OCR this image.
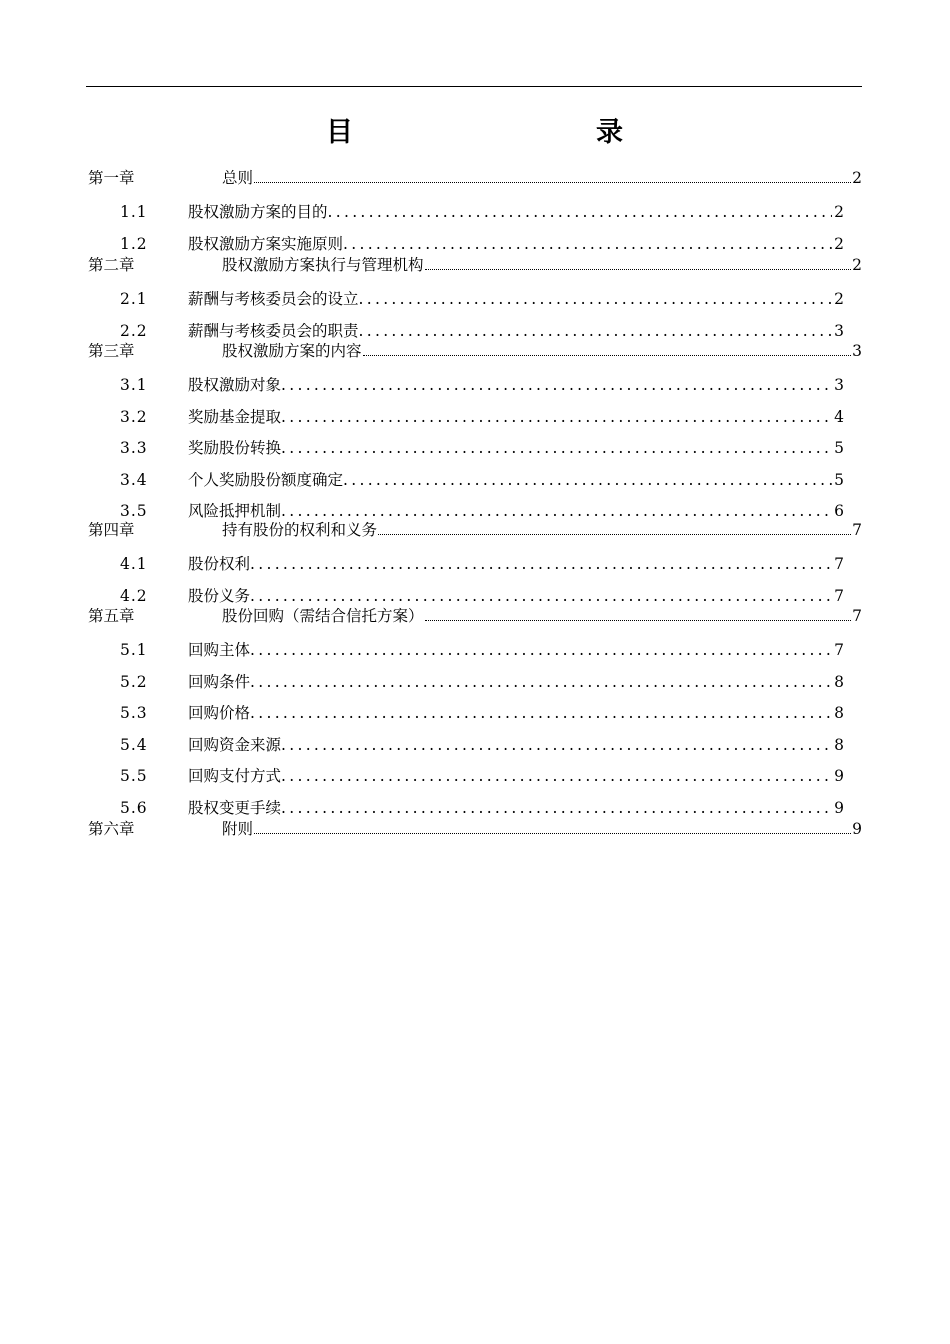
目	录
第一章	总则	2
1.1	股权激励方案的目的 .....	2
1.2	股权激励方案实施原则 .....	2
第二章	股权激励方案执行与管理机构	2
2.1	薪酬与考核委员会的设立 .....	2
2.2	薪酬与考核委员会的职责 .....	3
第三章	股权激励方案的内容	3
3.1	股权激励对象 .....	3
3.2	奖励基金提取 .....	4
3.3	奖励股份转换 .....	5
3.4	个人奖励股份额度确定 .....	5
3.5	风险抵押机制 .....	6
第四章	持有股份的权利和义务	7
4.1	股份权利 .....	7
4.2	股份义务 .....	7
第五章	股份回购（需结合信托方案）	7
5.1	回购主体 .....	7
5.2	回购条件 .....	8
5.3	回购价格 .....	8
5.4	回购资金来源 .....	8
5.5	回购支付方式 .....	9
5.6	股权变更手续 .....	9
第六章	附则	9
